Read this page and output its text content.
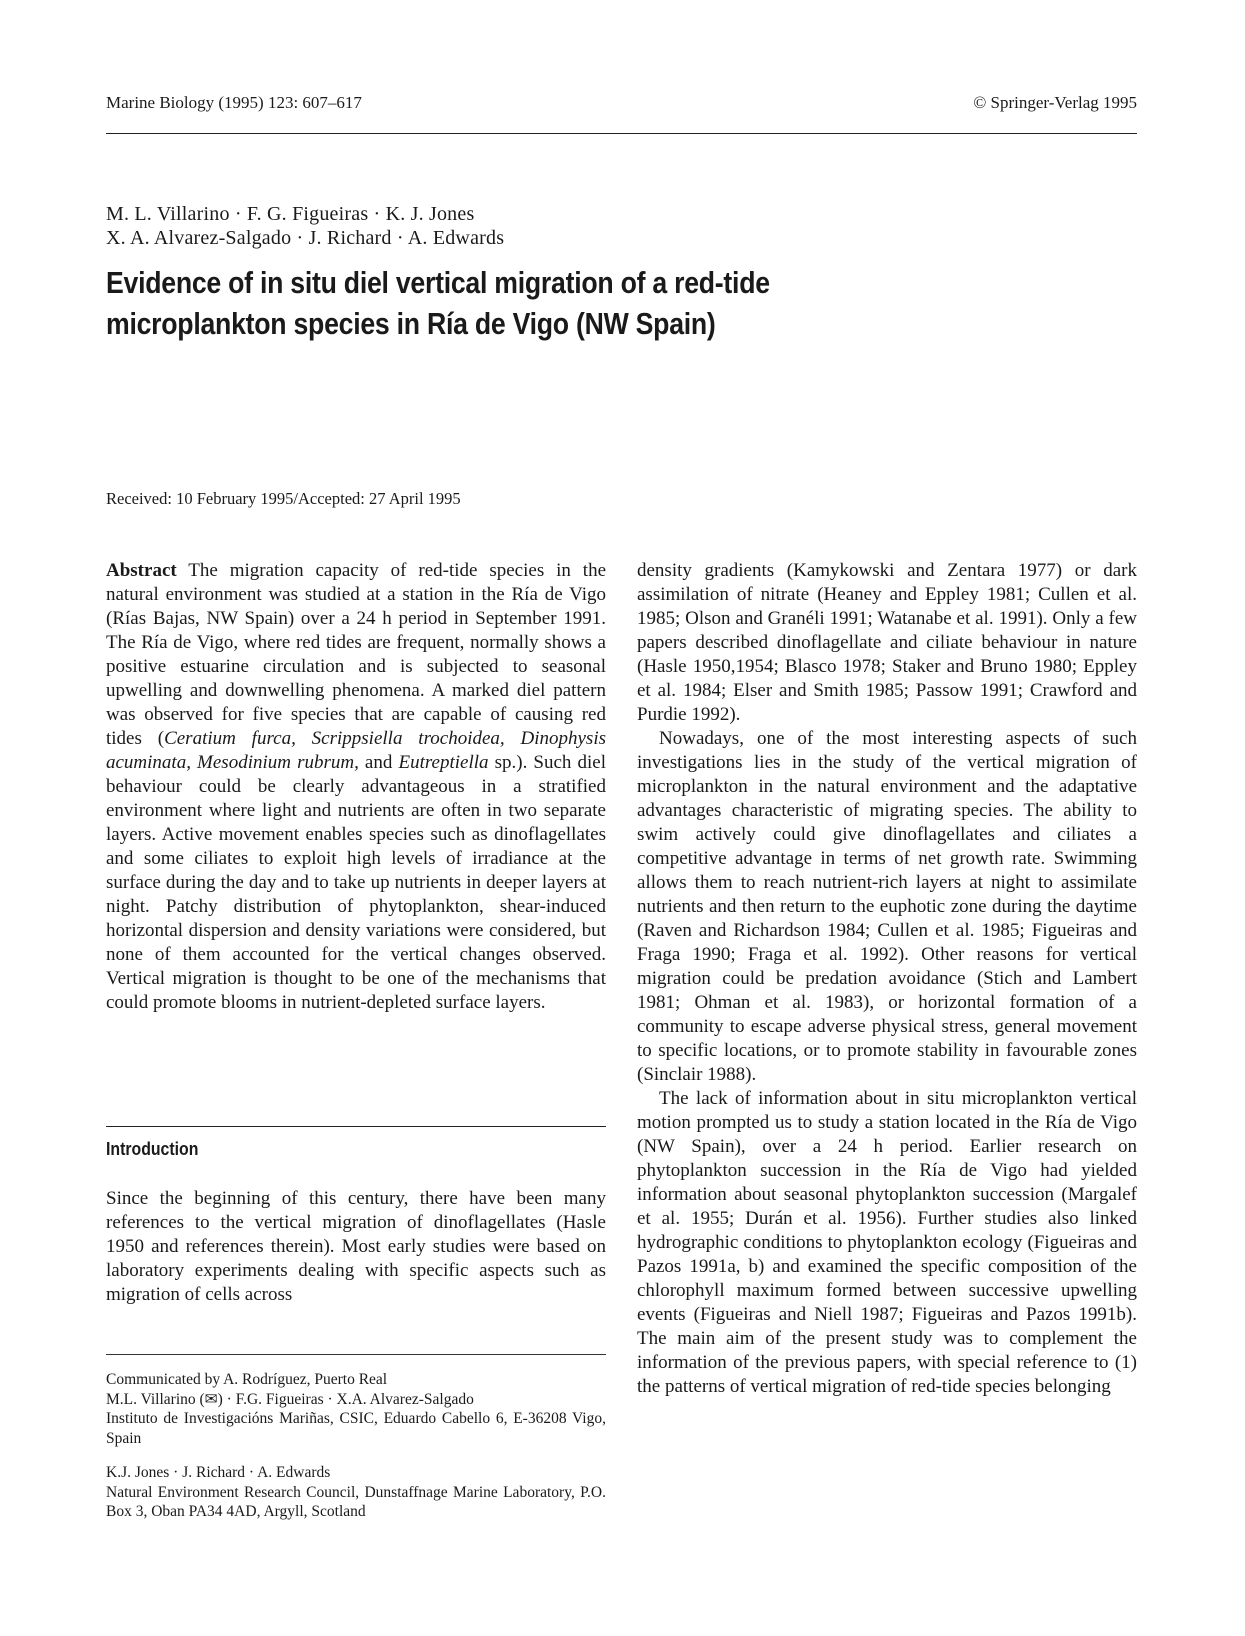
Marine Biology (1995) 123: 607–617	© Springer-Verlag 1995
M. L. Villarino · F. G. Figueiras · K. J. Jones
X. A. Alvarez-Salgado · J. Richard · A. Edwards
Evidence of in situ diel vertical migration of a red-tide
microplankton species in Ría de Vigo (NW Spain)
Received: 10 February 1995/Accepted: 27 April 1995

Abstract The migration capacity of red-tide species in the natural environment was studied at a station in the Ría de Vigo (Rías Bajas, NW Spain) over a 24 h period in September 1991. The Ría de Vigo, where red tides are frequent, normally shows a positive estuarine circulation and is subjected to seasonal upwelling and downwelling phenomena. A marked diel pattern was observed for five species that are capable of causing red tides (Ceratium furca, Scrippsiella trochoidea, Dinophysis acuminata, Mesodinium rubrum, and Eutreptiella sp.). Such diel behaviour could be clearly advantageous in a stratified environment where light and nutrients are often in two separate layers. Active movement enables species such as dinoflagellates and some ciliates to exploit high levels of irradiance at the surface during the day and to take up nutrients in deeper layers at night. Patchy distribution of phytoplankton, shear-induced horizontal dispersion and density variations were considered, but none of them accounted for the vertical changes observed. Vertical migration is thought to be one of the mechanisms that could promote blooms in nutrient-depleted surface layers.

Introduction

Since the beginning of this century, there have been many references to the vertical migration of dinoflagellates (Hasle 1950 and references therein). Most early studies were based on laboratory experiments dealing with specific aspects such as migration of cells across

Communicated by A. Rodríguez, Puerto Real

M.L. Villarino (✉) · F.G. Figueiras · X.A. Alvarez-Salgado

Instituto de Investigacións Mariñas, CSIC, Eduardo Cabello 6, E-36208 Vigo, Spain

K.J. Jones · J. Richard · A. Edwards

Natural Environment Research Council, Dunstaffnage Marine Laboratory, P.O. Box 3, Oban PA34 4AD, Argyll, Scotland

density gradients (Kamykowski and Zentara 1977) or dark assimilation of nitrate (Heaney and Eppley 1981; Cullen et al. 1985; Olson and Granéli 1991; Watanabe et al. 1991). Only a few papers described dinoflagellate and ciliate behaviour in nature (Hasle 1950,1954; Blasco 1978; Staker and Bruno 1980; Eppley et al. 1984; Elser and Smith 1985; Passow 1991; Crawford and Purdie 1992).

Nowadays, one of the most interesting aspects of such investigations lies in the study of the vertical migration of microplankton in the natural environment and the adaptative advantages characteristic of migrating species. The ability to swim actively could give dinoflagellates and ciliates a competitive advantage in terms of net growth rate. Swimming allows them to reach nutrient-rich layers at night to assimilate nutrients and then return to the euphotic zone during the daytime (Raven and Richardson 1984; Cullen et al. 1985; Figueiras and Fraga 1990; Fraga et al. 1992). Other reasons for vertical migration could be predation avoidance (Stich and Lambert 1981; Ohman et al. 1983), or horizontal formation of a community to escape adverse physical stress, general movement to specific locations, or to promote stability in favourable zones (Sinclair 1988).

The lack of information about in situ microplankton vertical motion prompted us to study a station located in the Ría de Vigo (NW Spain), over a 24 h period. Earlier research on phytoplankton succession in the Ría de Vigo had yielded information about seasonal phytoplankton succession (Margalef et al. 1955; Durán et al. 1956). Further studies also linked hydrographic conditions to phytoplankton ecology (Figueiras and Pazos 1991a, b) and examined the specific composition of the chlorophyll maximum formed between successive upwelling events (Figueiras and Niell 1987; Figueiras and Pazos 1991b). The main aim of the present study was to complement the information of the previous papers, with special reference to (1) the patterns of vertical migration of red-tide species belonging
